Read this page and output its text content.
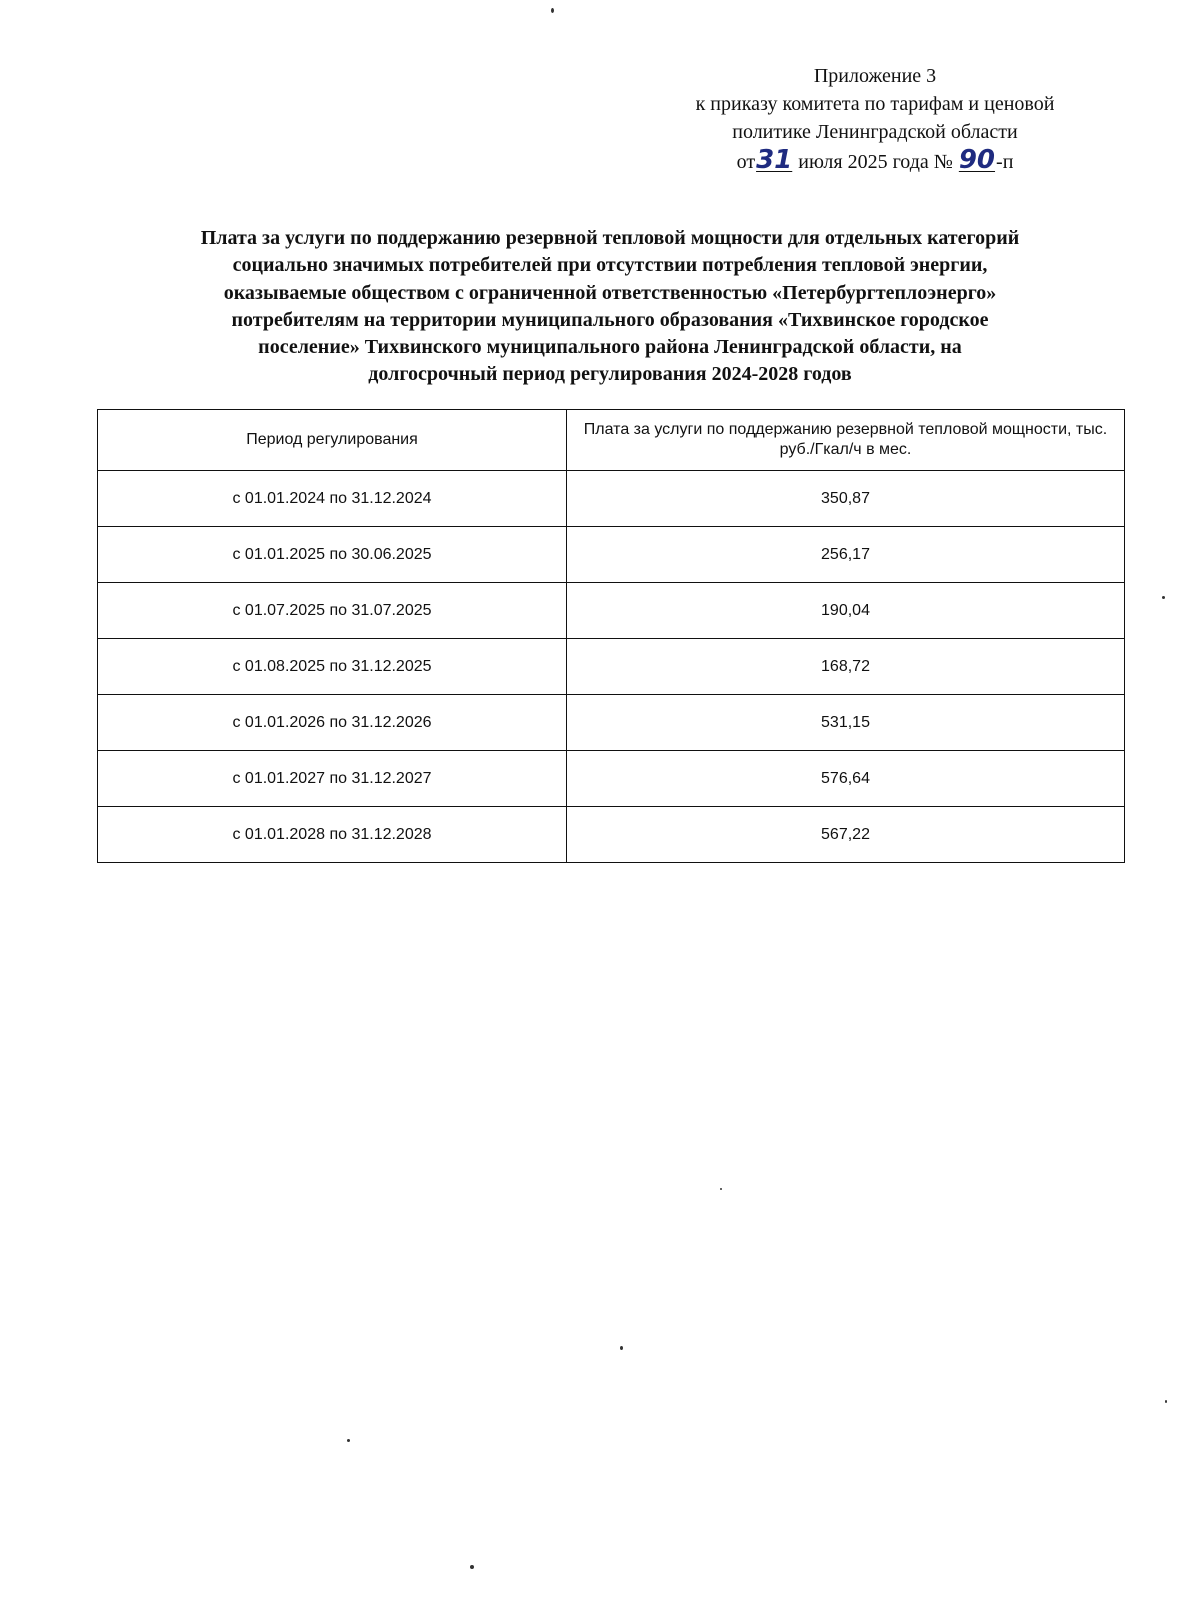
Приложение 3
к приказу комитета по тарифам и ценовой
политике Ленинградской области
от31 июля 2025 года № 90-п
Плата за услуги по поддержанию резервной тепловой мощности для отдельных категорий
социально значимых потребителей при отсутствии потребления тепловой энергии,
оказываемые обществом с ограниченной ответственностью «Петербургтеплоэнерго»
потребителям на территории муниципального образования «Тихвинское городское
поселение» Тихвинского муниципального района Ленинградской области, на
долгосрочный период регулирования 2024-2028 годов
Период регулирования	Плата за услуги по поддержанию резервной тепловой мощности, тыс. руб./Гкал/ч в мес.
с 01.01.2024 по 31.12.2024	350,87
с 01.01.2025 по 30.06.2025	256,17
с 01.07.2025 по 31.07.2025	190,04
с 01.08.2025 по 31.12.2025	168,72
с 01.01.2026 по 31.12.2026	531,15
с 01.01.2027 по 31.12.2027	576,64
с 01.01.2028 по 31.12.2028	567,22
